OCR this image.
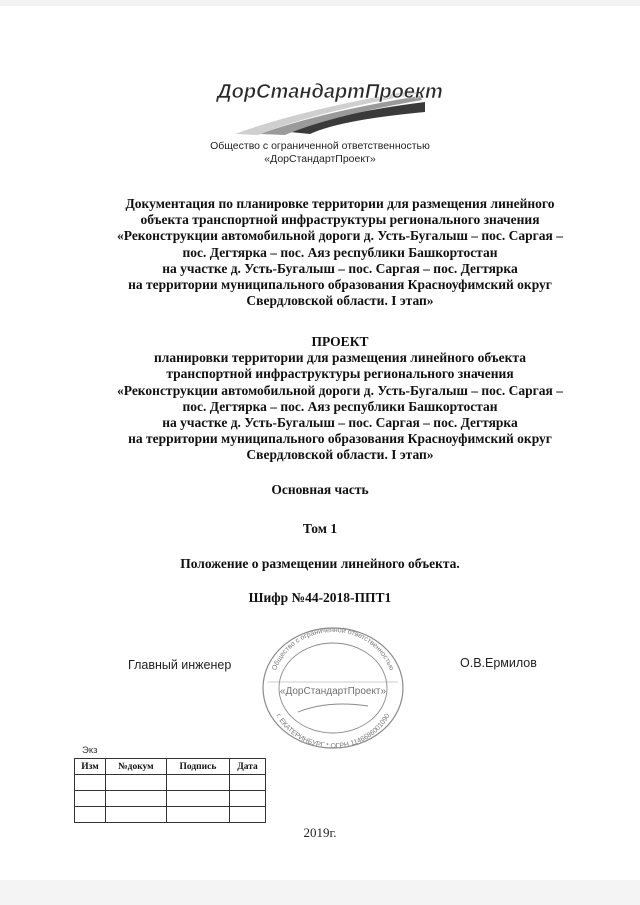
ДорСтандартПроект
Общество с ограниченной ответственностью
«ДорСтандартПроект»
Документация по планировке территории для размещения линейного
объекта транспортной инфраструктуры регионального значения
«Реконструкции автомобильной дороги д. Усть-Бугалыш – пос. Саргая –
пос. Дегтярка – пос. Аяз республики Башкортостан
на участке д. Усть-Бугалыш – пос. Саргая – пос. Дегтярка
на территории муниципального образования Красноуфимский округ
Свердловской области. I этап»
ПРОЕКТ
планировки территории для размещения линейного объекта
транспортной инфраструктуры регионального значения
«Реконструкции автомобильной дороги д. Усть-Бугалыш – пос. Саргая –
пос. Дегтярка – пос. Аяз республики Башкортостан
на участке д. Усть-Бугалыш – пос. Саргая – пос. Дегтярка
на территории муниципального образования Красноуфимский округ
Свердловской области. I этап»
Основная часть
Том 1
Положение о размещении линейного объекта.
Шифр №44-2018-ППТ1
Главный инженер	О.В.Ермилов
Общество с ограниченной ответственностью
г. ЕКАТЕРИНБУРГ * ОГРН 1146686001090
«ДорСтандартПроект»
Экз
Изм	№докум	Подпись	Дата

2019г.
